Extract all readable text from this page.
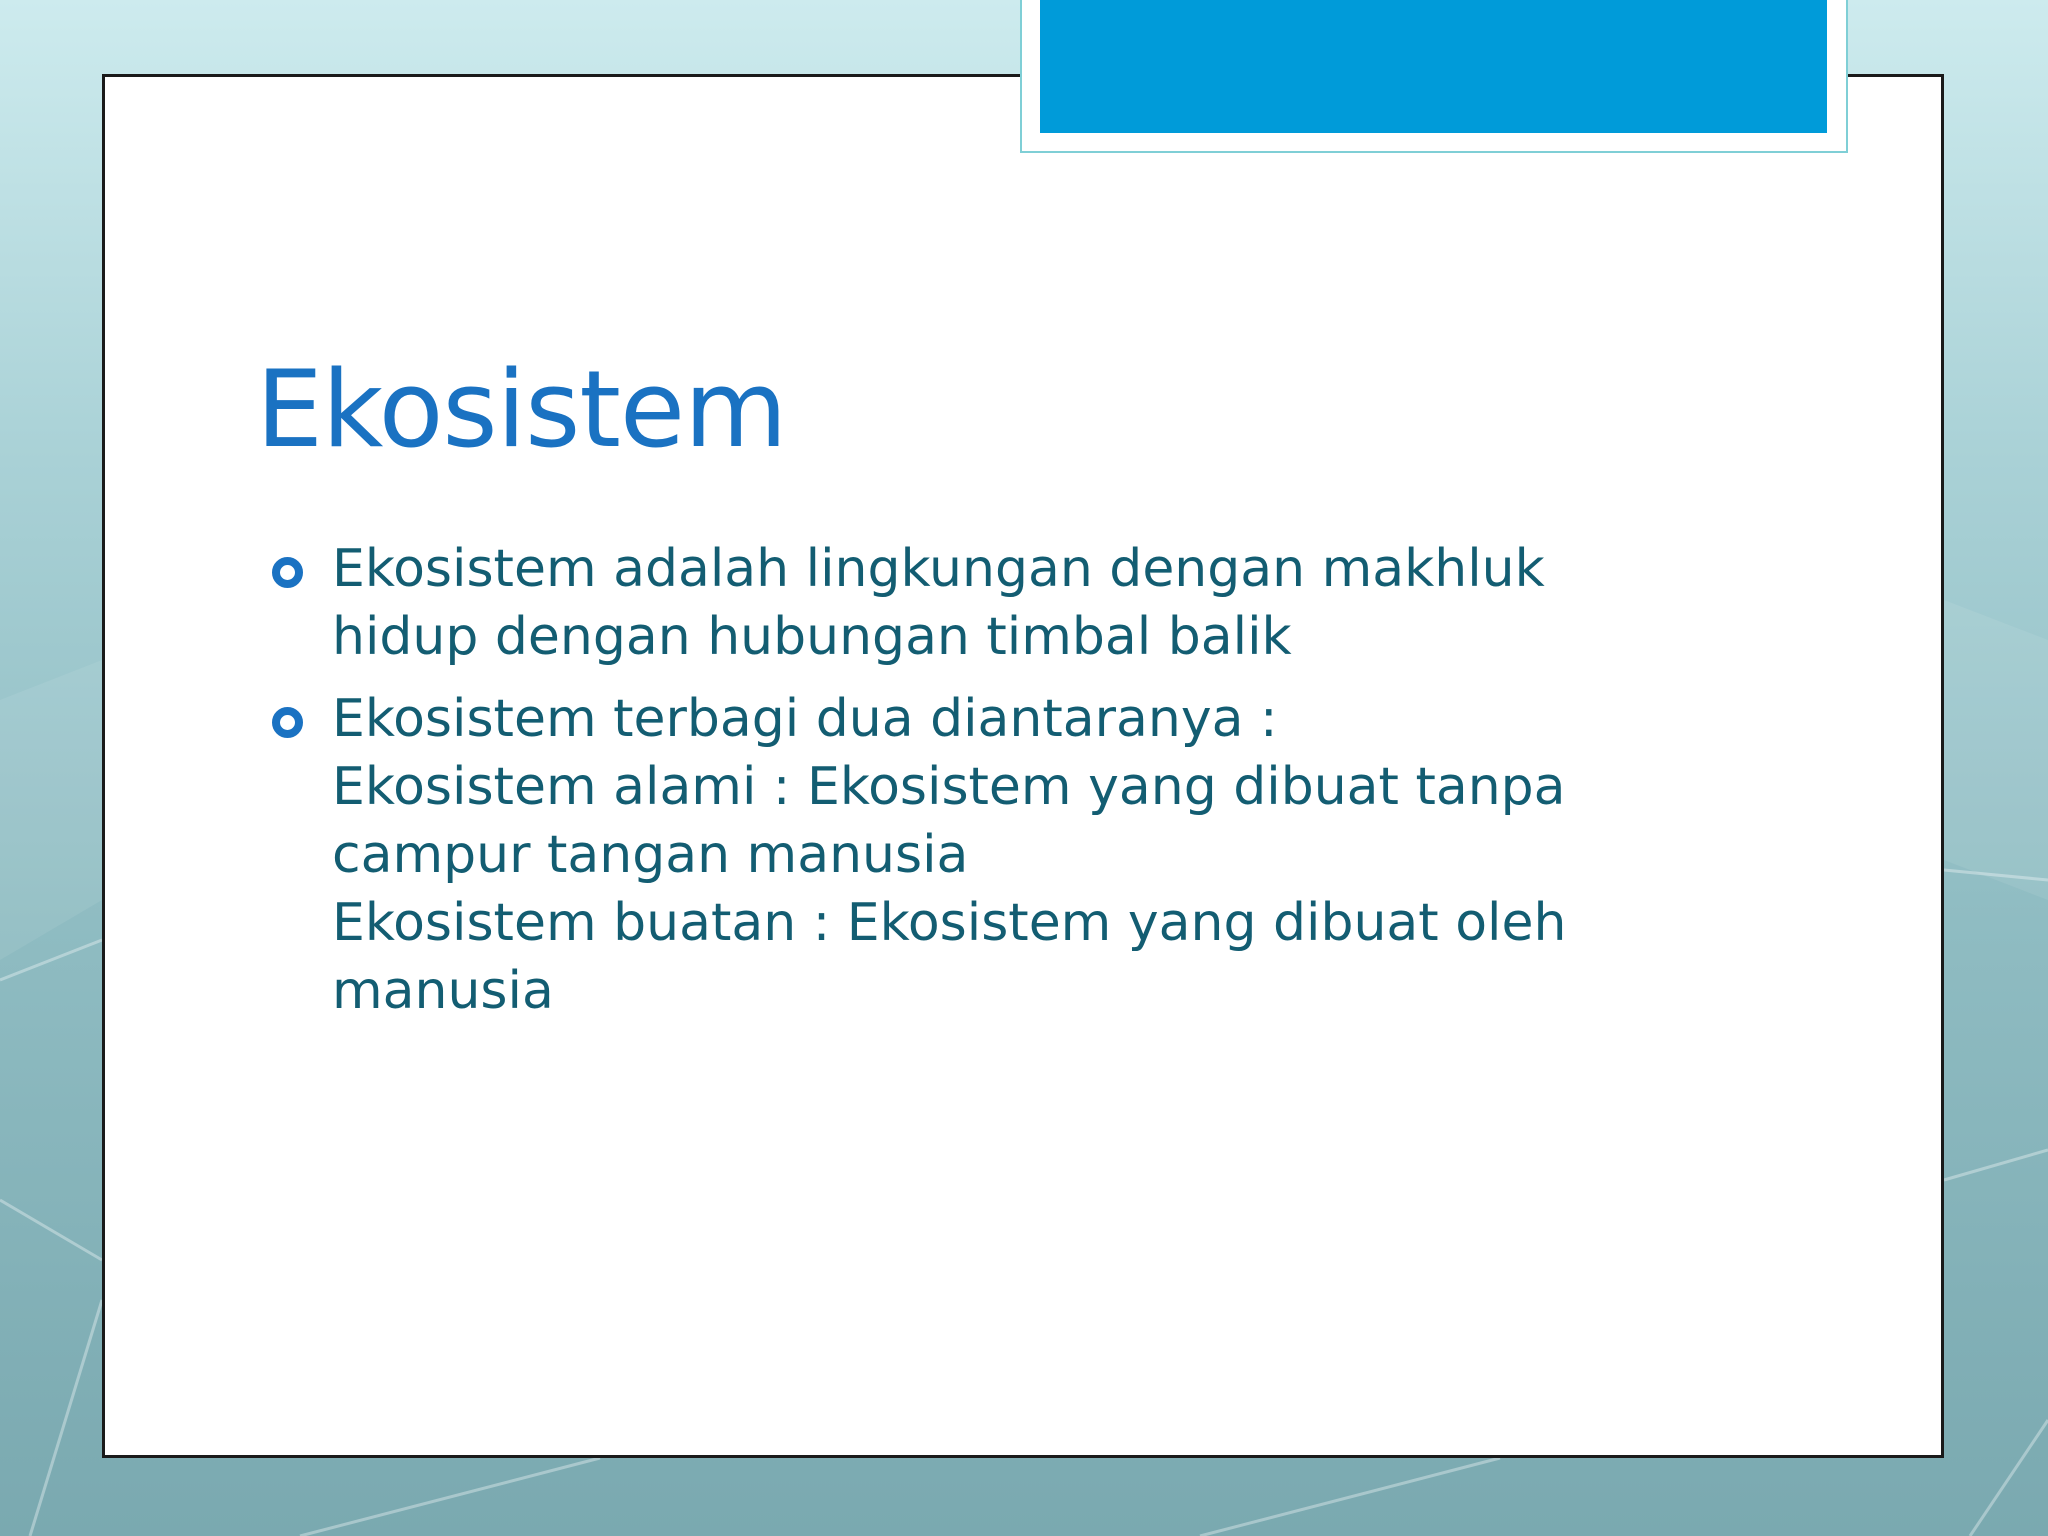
Ekosistem
Ekosistem adalah lingkungan dengan makhluk
hidup dengan hubungan timbal balik
Ekosistem terbagi dua diantaranya :
Ekosistem alami : Ekosistem yang dibuat tanpa
campur tangan manusia
Ekosistem buatan : Ekosistem yang dibuat oleh
manusia
